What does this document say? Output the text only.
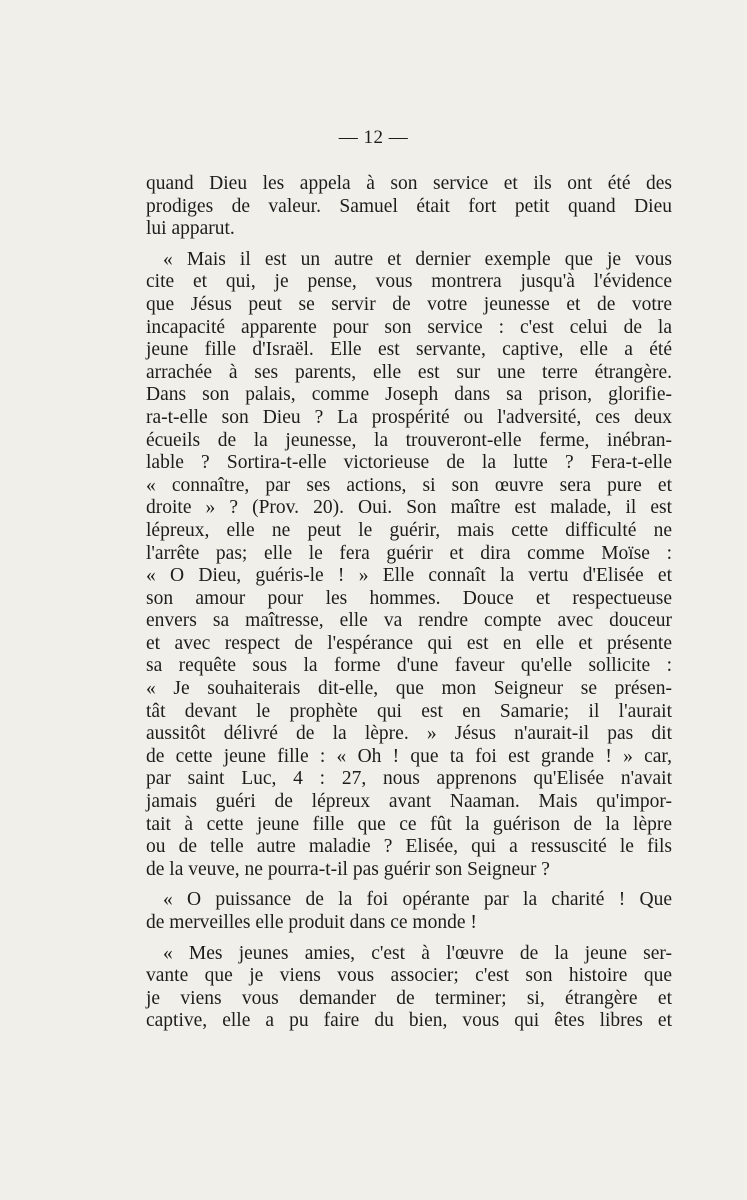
— 12 —

quand Dieu les appela à son service et ils ont été des
prodiges de valeur. Samuel était fort petit quand Dieu
lui apparut.

« Mais il est un autre et dernier exemple que je vous
cite et qui, je pense, vous montrera jusqu'à l'évidence
que Jésus peut se servir de votre jeunesse et de votre
incapacité apparente pour son service : c'est celui de la
jeune fille d'Israël. Elle est servante, captive, elle a été
arrachée à ses parents, elle est sur une terre étrangère.
Dans son palais, comme Joseph dans sa prison, glorifie-
ra-t-elle son Dieu ? La prospérité ou l'adversité, ces deux
écueils de la jeunesse, la trouveront-elle ferme, inébran-
lable ? Sortira-t-elle victorieuse de la lutte ? Fera-t-elle
« connaître, par ses actions, si son œuvre sera pure et
droite » ? (Prov. 20). Oui. Son maître est malade, il est
lépreux, elle ne peut le guérir, mais cette difficulté ne
l'arrête pas; elle le fera guérir et dira comme Moïse :
« O Dieu, guéris-le ! » Elle connaît la vertu d'Elisée et
son amour pour les hommes. Douce et respectueuse
envers sa maîtresse, elle va rendre compte avec douceur
et avec respect de l'espérance qui est en elle et présente
sa requête sous la forme d'une faveur qu'elle sollicite :
« Je souhaiterais dit-elle, que mon Seigneur se présen-
tât devant le prophète qui est en Samarie; il l'aurait
aussitôt délivré de la lèpre. » Jésus n'aurait-il pas dit
de cette jeune fille : « Oh ! que ta foi est grande ! » car,
par saint Luc, 4 : 27, nous apprenons qu'Elisée n'avait
jamais guéri de lépreux avant Naaman. Mais qu'impor-
tait à cette jeune fille que ce fût la guérison de la lèpre
ou de telle autre maladie ? Elisée, qui a ressuscité le fils
de la veuve, ne pourra-t-il pas guérir son Seigneur ?

« O puissance de la foi opérante par la charité ! Que
de merveilles elle produit dans ce monde !

« Mes jeunes amies, c'est à l'œuvre de la jeune ser-
vante que je viens vous associer; c'est son histoire que
je viens vous demander de terminer; si, étrangère et
captive, elle a pu faire du bien, vous qui êtes libres et
